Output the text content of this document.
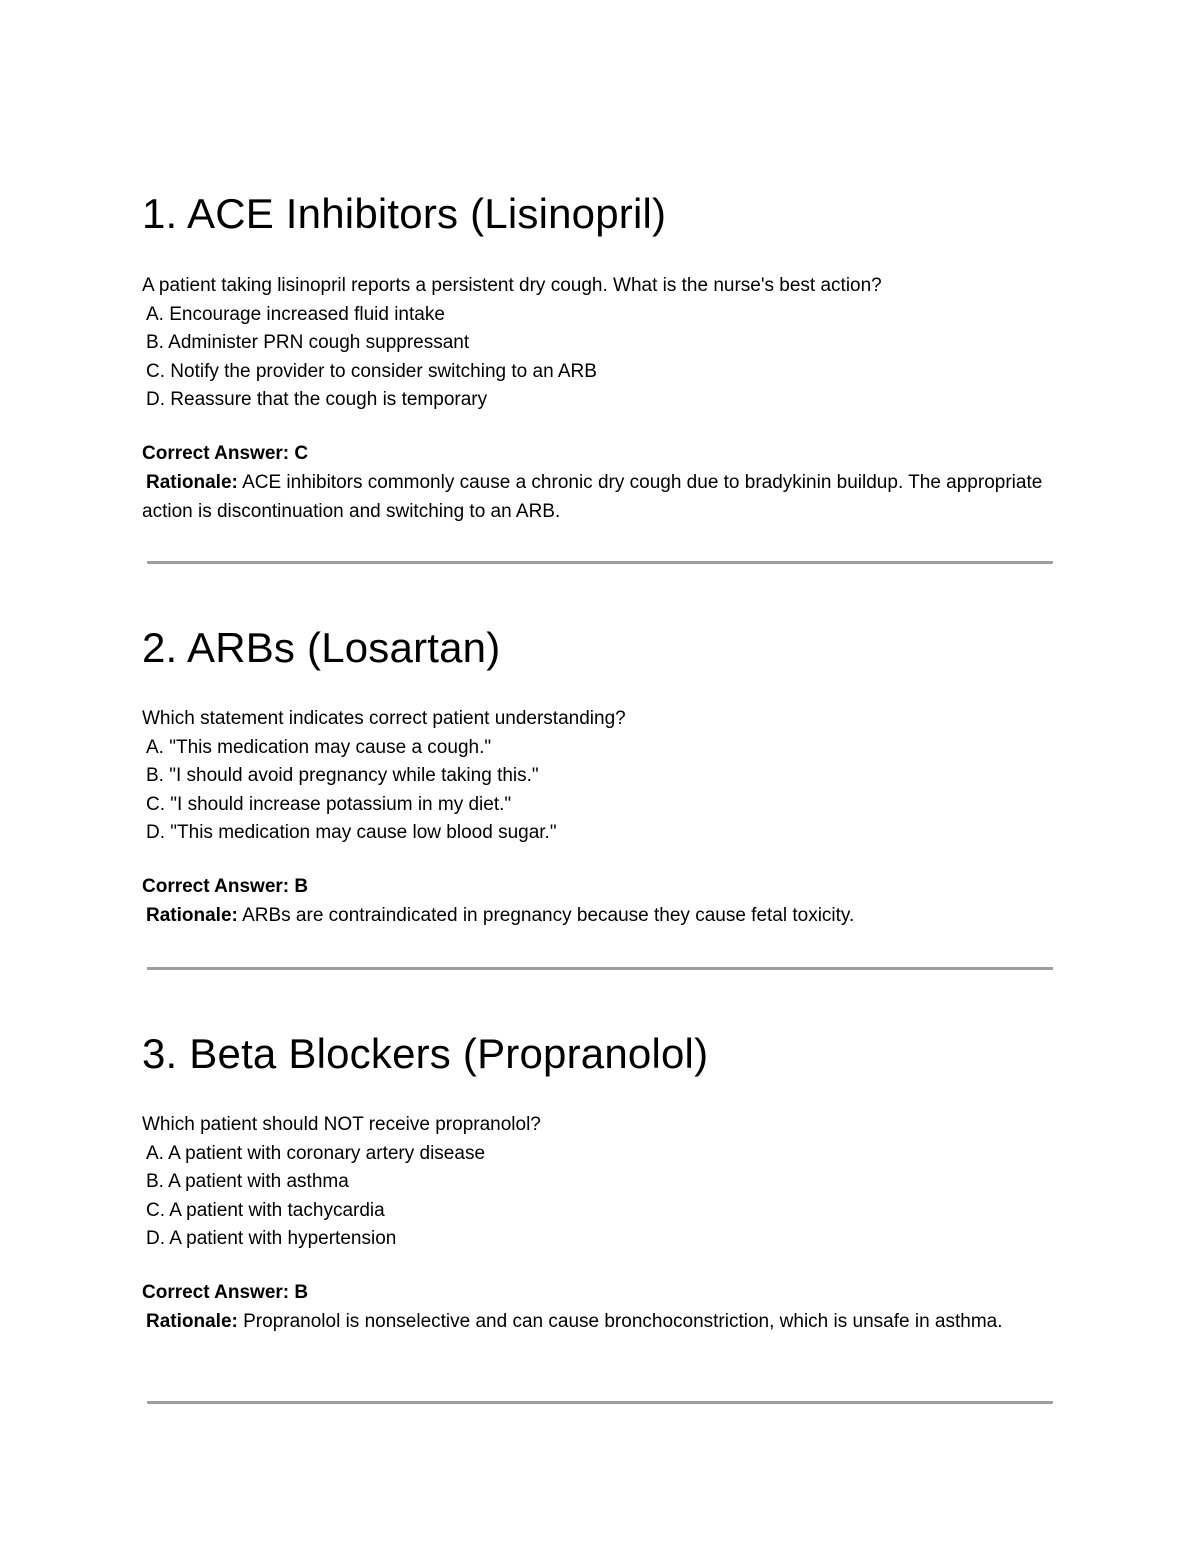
1. ACE Inhibitors (Lisinopril)

A patient taking lisinopril reports a persistent dry cough. What is the nurse's best action?

A. Encourage increased fluid intake
B. Administer PRN cough suppressant
C. Notify the provider to consider switching to an ARB
D. Reassure that the cough is temporary
Correct Answer: C
Rationale: ACE inhibitors commonly cause a chronic dry cough due to bradykinin buildup. The appropriate action is discontinuation and switching to an ARB.
2. ARBs (Losartan)

Which statement indicates correct patient understanding?

A. "This medication may cause a cough."
B. "I should avoid pregnancy while taking this."
C. "I should increase potassium in my diet."
D. "This medication may cause low blood sugar."
Correct Answer: B
Rationale: ARBs are contraindicated in pregnancy because they cause fetal toxicity.
3. Beta Blockers (Propranolol)

Which patient should NOT receive propranolol?

A. A patient with coronary artery disease
B. A patient with asthma
C. A patient with tachycardia
D. A patient with hypertension
Correct Answer: B
Rationale: Propranolol is nonselective and can cause bronchoconstriction, which is unsafe in asthma.
